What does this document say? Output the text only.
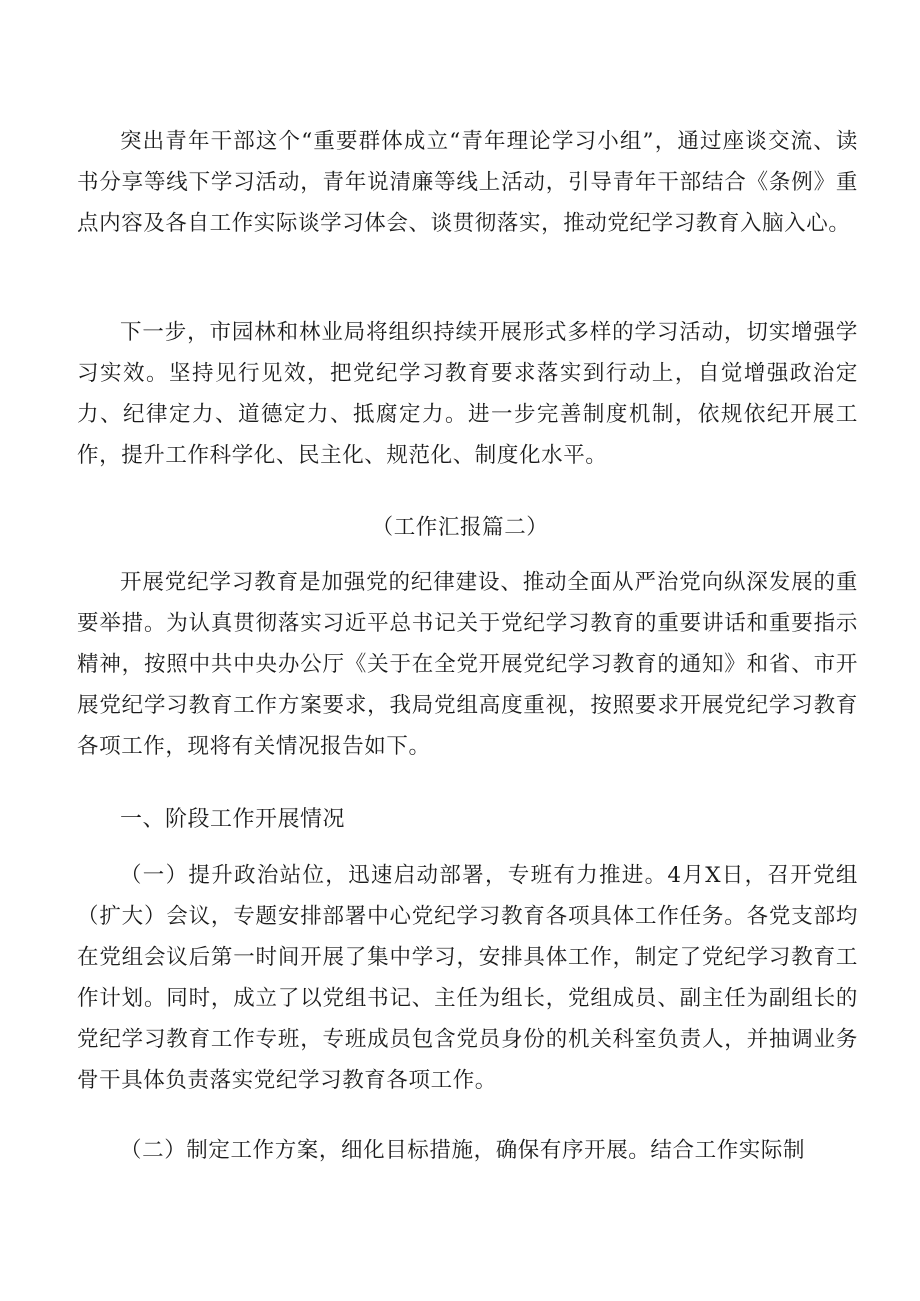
突出青年干部这个“重要群体成立“青年理论学习小组”，通过座谈交流、读书分享等线下学习活动，青年说清廉等线上活动，引导青年干部结合《条例》重点内容及各自工作实际谈学习体会、谈贯彻落实，推动党纪学习教育入脑入心。

下一步，市园林和林业局将组织持续开展形式多样的学习活动，切实增强学习实效。坚持见行见效，把党纪学习教育要求落实到行动上，自觉增强政治定力、纪律定力、道德定力、抵腐定力。进一步完善制度机制，依规依纪开展工作，提升工作科学化、民主化、规范化、制度化水平。

（工作汇报篇二）

开展党纪学习教育是加强党的纪律建设、推动全面从严治党向纵深发展的重要举措。为认真贯彻落实习近平总书记关于党纪学习教育的重要讲话和重要指示精神，按照中共中央办公厅《关于在全党开展党纪学习教育的通知》和省、市开展党纪学习教育工作方案要求，我局党组高度重视，按照要求开展党纪学习教育各项工作，现将有关情况报告如下。

一、阶段工作开展情况

（一）提升政治站位，迅速启动部署，专班有力推进。4月X日，召开党组（扩大）会议，专题安排部署中心党纪学习教育各项具体工作任务。各党支部均在党组会议后第一时间开展了集中学习，安排具体工作，制定了党纪学习教育工作计划。同时，成立了以党组书记、主任为组长，党组成员、副主任为副组长的党纪学习教育工作专班，专班成员包含党员身份的机关科室负责人，并抽调业务骨干具体负责落实党纪学习教育各项工作。

（二）制定工作方案，细化目标措施，确保有序开展。结合工作实际制
